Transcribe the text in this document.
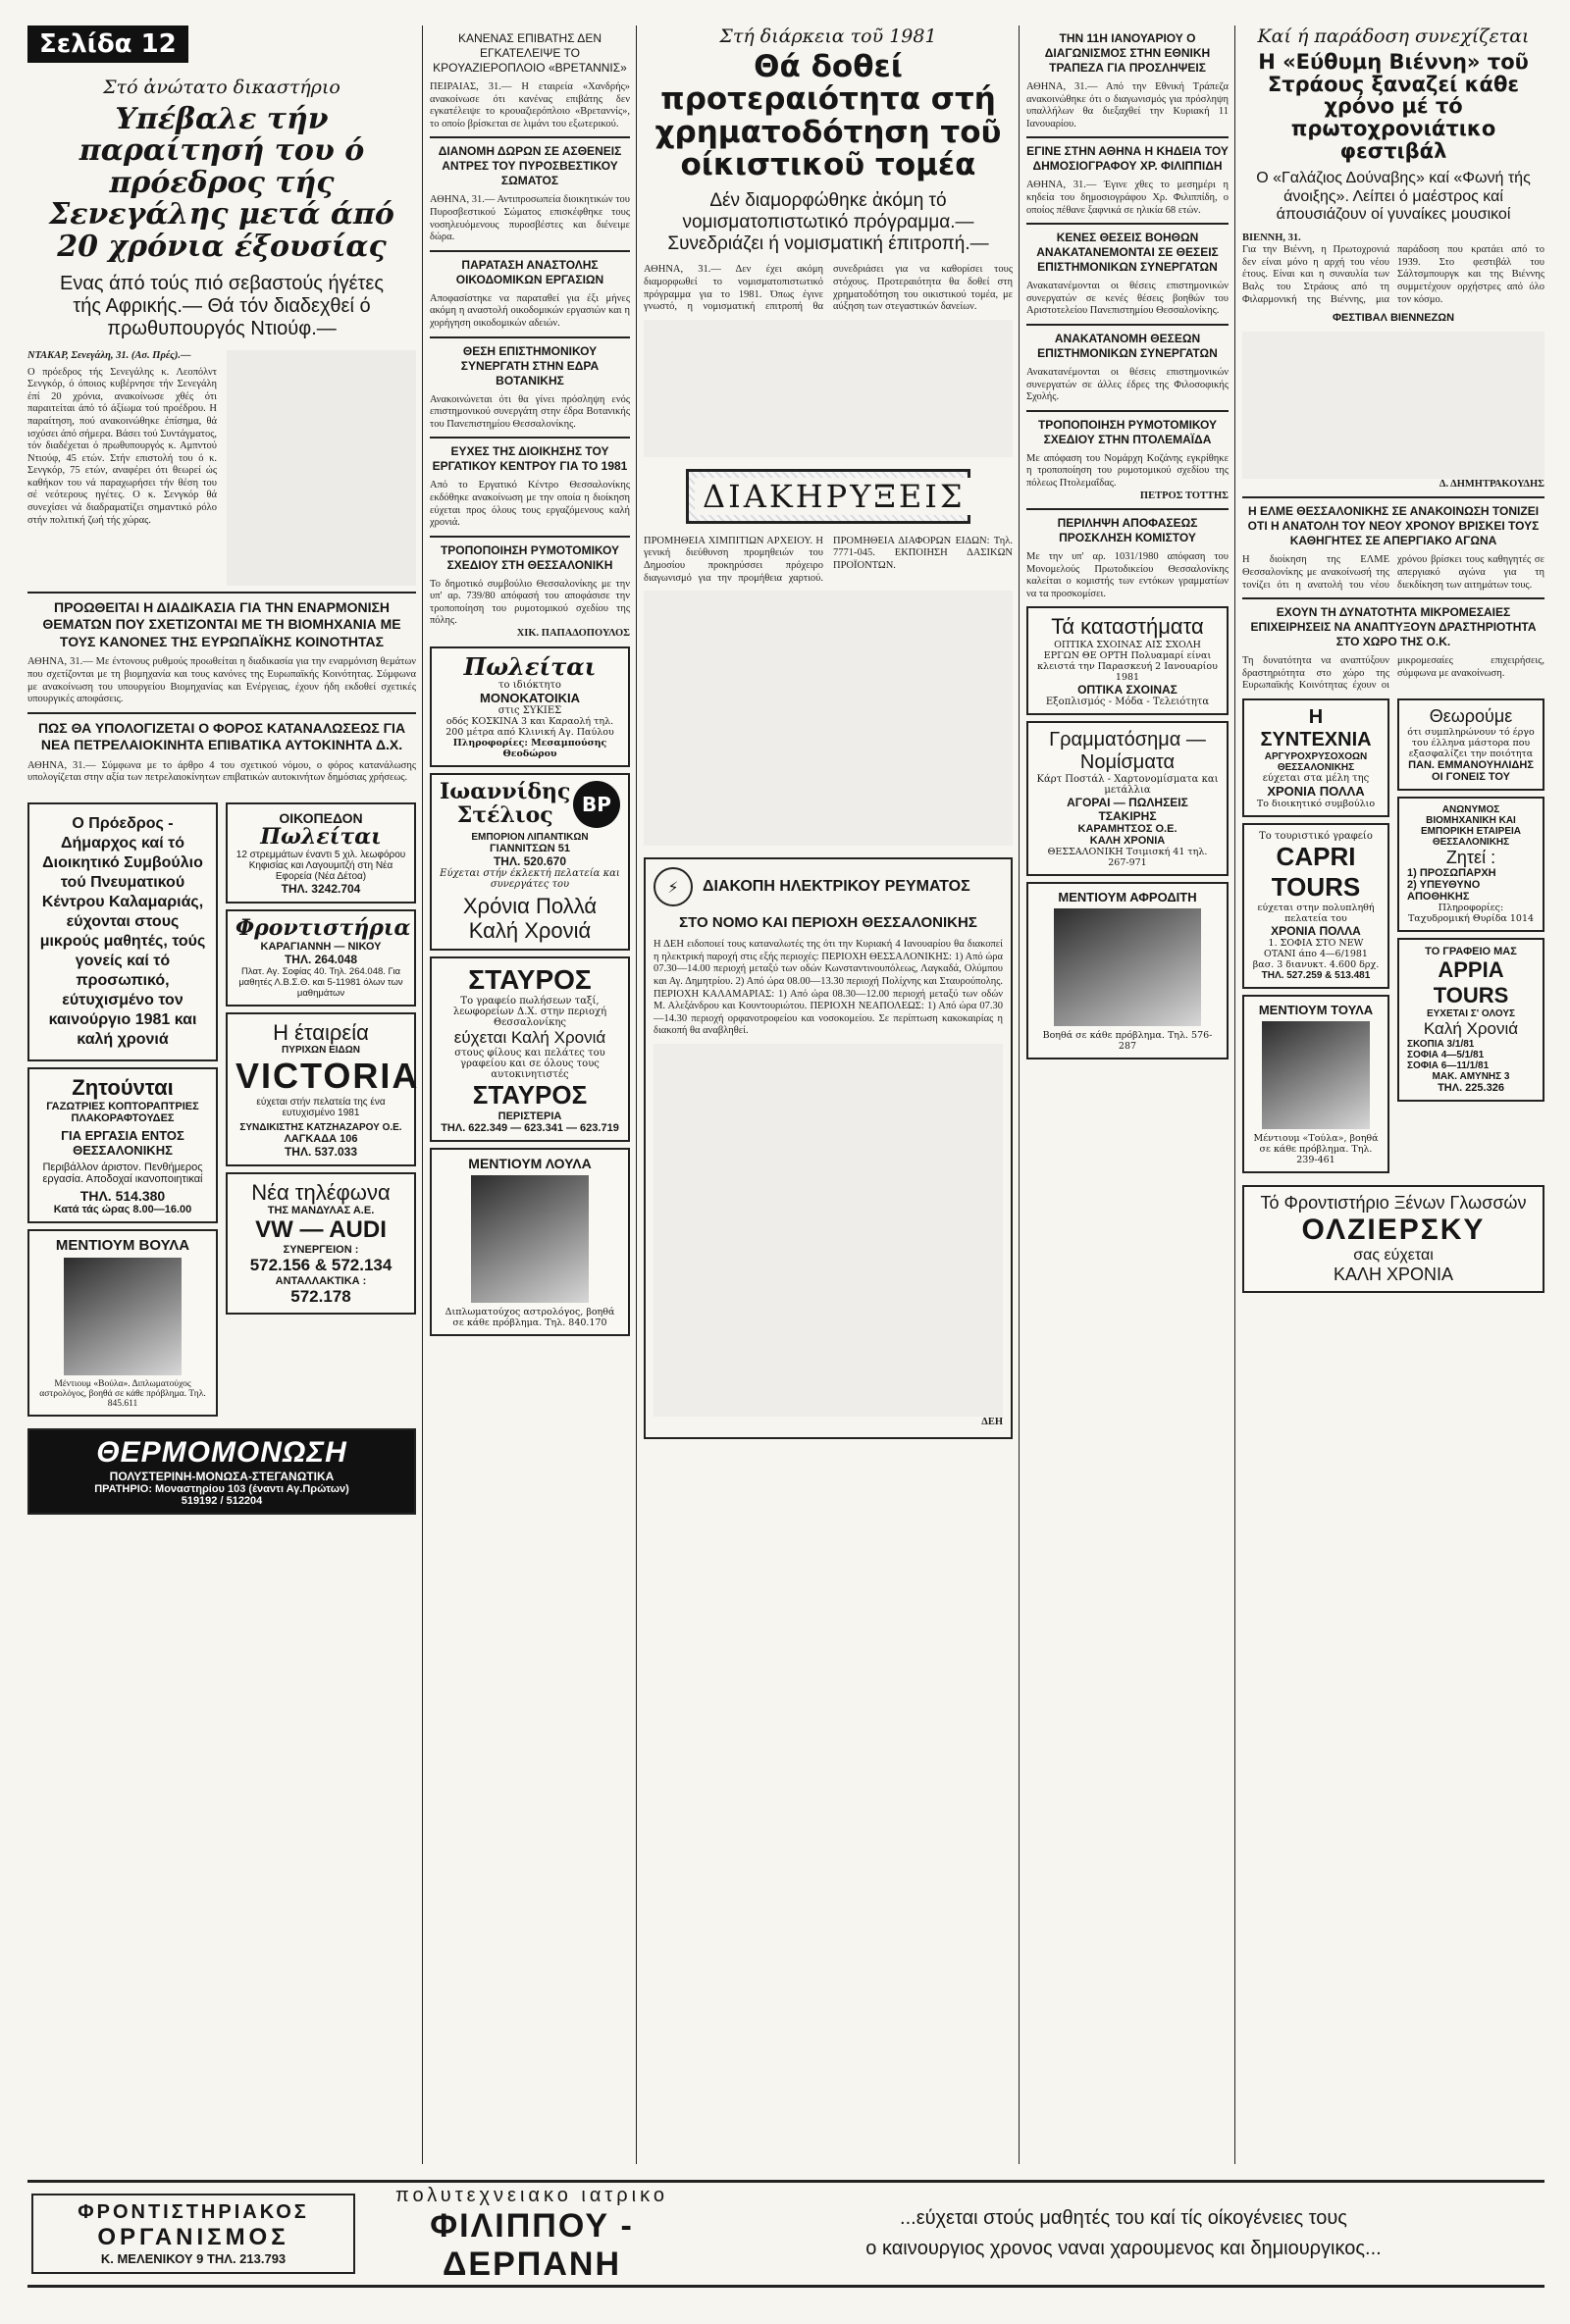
Σελίδα 12
Στό ἀνώτατο δικαστήριο
Υπέβαλε τήν παραίτησή του ό πρόεδρος τής Σενεγάλης μετά άπό 20 χρόνια έξουσίας
Ενας άπό τούς πιό σεβαστούς ήγέτες τής Αφρικής.— Θά τόν διαδεχθεί ό πρωθυπουργός Ντιούφ.—

ΝΤΑΚΑΡ, Σενεγάλη, 31. (Ασ. Πρές).—

Ο πρόεδρος τής Σενεγάλης κ. Λεοπόλντ Σενγκόρ, ό όποιος κυβέρνησε τήν Σενεγάλη έπί 20 χρόνια, ανακοίνωσε χθές ότι παραιτείται άπό τό άξίωμα τού προέδρου. Η παραίτηση, πού ανακοινώθηκε έπίσημα, θά ισχύσει άπό σήμερα. Βάσει τού Συντάγματος, τόν διαδέχεται ό πρωθυπουργός κ. Αμπντού Ντιούφ, 45 ετών. Στήν επιστολή του ό κ. Σενγκόρ, 75 ετών, αναφέρει ότι θεωρεί ώς καθήκον του νά παραχωρήσει τήν θέση του σέ νεότερους ηγέτες. Ο κ. Σενγκόρ θά συνεχίσει νά διαδραματίζει σημαντικό ρόλο στήν πολιτική ζωή τής χώρας.

ΠΡΟΩΘΕΙΤΑΙ Η ΔΙΑΔΙΚΑΣΙΑ ΓΙΑ ΤΗΝ ΕΝΑΡΜΟΝΙΣΗ ΘΕΜΑΤΩΝ ΠΟΥ ΣΧΕΤΙΖΟΝΤΑΙ ΜΕ ΤΗ ΒΙΟΜΗΧΑΝΙΑ ΜΕ ΤΟΥΣ ΚΑΝΟΝΕΣ ΤΗΣ ΕΥΡΩΠΑΪΚΗΣ ΚΟΙΝΟΤΗΤΑΣ

ΑΘΗΝΑ, 31.— Με έντονους ρυθμούς προωθείται η διαδικασία για την εναρμόνιση θεμάτων που σχετίζονται με τη βιομηχανία και τους κανόνες της Ευρωπαϊκής Κοινότητας. Σύμφωνα με ανακοίνωση του υπουργείου Βιομηχανίας και Ενέργειας, έχουν ήδη εκδοθεί σχετικές υπουργικές αποφάσεις.

ΠΩΣ ΘΑ ΥΠΟΛΟΓΙΖΕΤΑΙ Ο ΦΟΡΟΣ ΚΑΤΑΝΑΛΩΣΕΩΣ ΓΙΑ ΝΕΑ ΠΕΤΡΕΛΑΙΟΚΙΝΗΤΑ ΕΠΙΒΑΤΙΚΑ ΑΥΤΟΚΙΝΗΤΑ Δ.Χ.

ΑΘΗΝΑ, 31.— Σύμφωνα με το άρθρο 4 του σχετικού νόμου, ο φόρος κατανάλωσης υπολογίζεται στην αξία των πετρελαιοκίνητων επιβατικών αυτοκινήτων δημόσιας χρήσεως.

Ο Πρόεδρος - Δήμαρχος καί τό Διοικητικό Συμβούλιο τού Πνευματικού Κέντρου Καλαμαριάς, εύχονται στους μικρούς μαθητές, τούς γονείς καί τό προσωπικό, εύτυχισμένο τον καινούργιο 1981 και καλή χρονιά
Ζητούνται
ΓΑΖΩΤΡΙΕΣ ΚΟΠΤΟΡΑΠΤΡΙΕΣ ΠΛΑΚΟΡΑΦΤΟΥΔΕΣ
ΓΙΑ ΕΡΓΑΣΙΑ ΕΝΤΟΣ ΘΕΣΣΑΛΟΝΙΚΗΣ
Περιβάλλον άριστον. Πενθήμερος εργασία. Αποδοχαί ικανοποιητικαί
ΤΗΛ. 514.380
Κατά τάς ώρας 8.00—16.00
ΜΕΝΤΙΟΥΜ ΒΟΥΛΑ
Μέντιουμ «Βούλα». Διπλωματούχος αστρολόγος, βοηθά σε κάθε πρόβλημα. Τηλ. 845.611
ΟΙΚΟΠΕΔΟΝ
Πωλείται
12 στρεμμάτων έναντι 5 χιλ. λεωφόρου Κηφισίας και Λαγουμιτζή στη Νέα Εφορεία (Νέα Δέτοα)
ΤΗΛ. 3242.704
Φροντιστήρια
ΚΑΡΑΓΙΑΝΝΗ — ΝΙΚΟΥ
ΤΗΛ. 264.048
Πλατ. Αγ. Σοφίας 40. Τηλ. 264.048. Για μαθητές Λ.Β.Σ.Θ. και 5-11981 όλων των μαθημάτων
Η έταιρεία
ΠΥΡΙΧΩΝ ΕΙΔΩΝ
VICTORIA
εύχεται στήν πελατεία της ένα ευτυχισμένο 1981
ΣΥΝΔΙΚΙΣΤΗΣ ΚΑΤΖΗΑΖΑΡΟΥ Ο.Ε.
ΛΑΓΚΑΔΑ 106
ΤΗΛ. 537.033
Νέα τηλέφωνα
ΤΗΣ ΜΑΝΔΥΛΑΣ Α.Ε.
VW — AUDI
ΣΥΝΕΡΓΕΙΟΝ :
572.156 & 572.134
ΑΝΤΑΛΛΑΚΤΙΚΑ :
572.178
ΘΕΡΜΟΜΟΝΩΣΗ
ΠΟΛΥΣΤΕΡΙΝΗ-ΜΟΝΩΣΑ-ΣΤΕΓΑΝΩΤΙΚΑ
ΠΡΑΤΗΡΙΟ: Μοναστηρίου 103 (έναντι Αγ.Πρώτων)
519192 / 512204
ΚΑΝΕΝΑΣ ΕΠΙΒΑΤΗΣ ΔΕΝ ΕΓΚΑΤΕΛΕΙΨΕ ΤΟ ΚΡΟΥΑΖΙΕΡΟΠΛΟΙΟ «ΒΡΕΤΑΝΝΙΣ»

ΠΕΙΡΑΙΑΣ, 31.— Η εταιρεία «Χανδρής» ανακοίνωσε ότι κανένας επιβάτης δεν εγκατέλειψε το κρουαζιερόπλοιο «Βρεταννίς», το οποίο βρίσκεται σε λιμάνι του εξωτερικού.

ΔΙΑΝΟΜΗ ΔΩΡΩΝ ΣΕ ΑΣΘΕΝΕΙΣ ΑΝΤΡΕΣ ΤΟΥ ΠΥΡΟΣΒΕΣΤΙΚΟΥ ΣΩΜΑΤΟΣ

ΑΘΗΝΑ, 31.— Αντιπροσωπεία διοικητικών του Πυροσβεστικού Σώματος επισκέφθηκε τους νοσηλευόμενους πυροσβέστες και διένειμε δώρα.

ΠΑΡΑΤΑΣΗ ΑΝΑΣΤΟΛΗΣ ΟΙΚΟΔΟΜΙΚΩΝ ΕΡΓΑΣΙΩΝ

Αποφασίστηκε να παραταθεί για έξι μήνες ακόμη η αναστολή οικοδομικών εργασιών και η χορήγηση οικοδομικών αδειών.

ΘΕΣΗ ΕΠΙΣΤΗΜΟΝΙΚΟΥ ΣΥΝΕΡΓΑΤΗ ΣΤΗΝ ΕΔΡΑ ΒΟΤΑΝΙΚΗΣ

Ανακοινώνεται ότι θα γίνει πρόσληψη ενός επιστημονικού συνεργάτη στην έδρα Βοτανικής του Πανεπιστημίου Θεσσαλονίκης.

ΕΥΧΕΣ ΤΗΣ ΔΙΟΙΚΗΣΗΣ ΤΟΥ ΕΡΓΑΤΙΚΟΥ ΚΕΝΤΡΟΥ ΓΙΑ ΤΟ 1981

Από το Εργατικό Κέντρο Θεσσαλονίκης εκδόθηκε ανακοίνωση με την οποία η διοίκηση εύχεται προς όλους τους εργαζόμενους καλή χρονιά.

ΤΡΟΠΟΠΟΙΗΣΗ ΡΥΜΟΤΟΜΙΚΟΥ ΣΧΕΔΙΟΥ ΣΤΗ ΘΕΣΣΑΛΟΝΙΚΗ

Το δημοτικό συμβούλιο Θεσσαλονίκης με την υπ' αρ. 739/80 απόφασή του αποφάσισε την τροποποίηση του ρυμοτομικού σχεδίου της πόλης.

ΧΙΚ. ΠΑΠΑΔΟΠΟΥΛΟΣ

Πωλείται
το ιδιόκτητο
ΜΟΝΟΚΑΤΟΙΚΙΑ
στις ΣΥΚΙΕΣ
οδός ΚΟΣΚΙΝΑ 3 και Καραολή τηλ. 200 μέτρα από Κλινική Αγ. Παύλου
Πληροφορίες: Μεσαμπούσης Θεοδώρου
Ιωαννίδης
Στέλιος	BP
ΕΜΠΟΡΙΟΝ ΛΙΠΑΝΤΙΚΩΝ
ΓΙΑΝΝΙΤΣΩΝ 51
ΤΗΛ. 520.670
Εύχεται στήν έκλεκτή πελατεία και συνεργάτες του
Χρόνια Πολλά
Καλή Χρονιά
ΣΤΑΥΡΟΣ
Το γραφείο πωλήσεων ταξί, λεωφορείων Δ.Χ. στην περιοχή Θεσσαλονίκης
εύχεται Καλή Χρονιά
στους φίλους και πελάτες του γραφείου και σε όλους τους αυτοκινητιστές
ΣΤΑΥΡΟΣ
ΠΕΡΙΣΤΕΡΙΑ
ΤΗΛ. 622.349 — 623.341 — 623.719
ΜΕΝΤΙΟΥΜ ΛΟΥΛΑ
Διπλωματούχος αστρολόγος, βοηθά σε κάθε πρόβλημα. Τηλ. 840.170
Στή διάρκεια τοῦ 1981
Θά δοθεί προτεραιότητα στή χρηματοδότηση τοῦ οίκιστικοῦ τομέα
Δέν διαμορφώθηκε ἀκόμη τό νομισματοπιστωτικό πρόγραμμα.— Συνεδριάζει ή νομισματική έπιτροπή.—

ΑΘΗΝΑ, 31.— Δεν έχει ακόμη διαμορφωθεί το νομισματοπιστωτικό πρόγραμμα για το 1981. Όπως έγινε γνωστό, η νομισματική επιτροπή θα συνεδριάσει για να καθορίσει τους στόχους. Προτεραιότητα θα δοθεί στη χρηματοδότηση του οικιστικού τομέα, με αύξηση των στεγαστικών δανείων.

ΔΙΑΚΗΡΥΞΕΙΣ

ΠΡΟΜΗΘΕΙΑ ΧΙΜΠΙΤΙΩΝ ΑΡΧΕΙΟΥ. Η γενική διεύθυνση προμηθειών του Δημοσίου προκηρύσσει πρόχειρο διαγωνισμό για την προμήθεια χαρτιού. ΠΡΟΜΗΘΕΙΑ ΔΙΑΦΟΡΩΝ ΕΙΔΩΝ: Τηλ. 7771-045. ΕΚΠΟΙΗΣΗ ΔΑΣΙΚΩΝ ΠΡΟΪΟΝΤΩΝ.

⚡	ΔΙΑΚΟΠΗ ΗΛΕΚΤΡΙΚΟΥ ΡΕΥΜΑΤΟΣ
ΣΤΟ ΝΟΜΟ ΚΑΙ ΠΕΡΙΟΧΗ ΘΕΣΣΑΛΟΝΙΚΗΣ

Η ΔΕΗ ειδοποιεί τους καταναλωτές της ότι την Κυριακή 4 Ιανουαρίου θα διακοπεί η ηλεκτρική παροχή στις εξής περιοχές: ΠΕΡΙΟΧΗ ΘΕΣΣΑΛΟΝΙΚΗΣ: 1) Από ώρα 07.30—14.00 περιοχή μεταξύ των οδών Κωνσταντινουπόλεως, Λαγκαδά, Ολύμπου και Αγ. Δημητρίου. 2) Από ώρα 08.00—13.30 περιοχή Πολίχνης και Σταυρούπολης. ΠΕΡΙΟΧΗ ΚΑΛΑΜΑΡΙΑΣ: 1) Από ώρα 08.30—12.00 περιοχή μεταξύ των οδών Μ. Αλεξάνδρου και Κουντουριώτου. ΠΕΡΙΟΧΗ ΝΕΑΠΟΛΕΩΣ: 1) Από ώρα 07.30—14.30 περιοχή ορφανοτροφείου και νοσοκομείου. Σε περίπτωση κακοκαιρίας η διακοπή θα αναβληθεί.

ΔΕΗ

ΤΗΝ 11Η ΙΑΝΟΥΑΡΙΟΥ Ο ΔΙΑΓΩΝΙΣΜΟΣ ΣΤΗΝ ΕΘΝΙΚΗ ΤΡΑΠΕΖΑ ΓΙΑ ΠΡΟΣΛΗΨΕΙΣ

ΑΘΗΝΑ, 31.— Από την Εθνική Τράπεζα ανακοινώθηκε ότι ο διαγωνισμός για πρόσληψη υπαλλήλων θα διεξαχθεί την Κυριακή 11 Ιανουαρίου.

ΕΓΙΝΕ ΣΤΗΝ ΑΘΗΝΑ Η ΚΗΔΕΙΑ ΤΟΥ ΔΗΜΟΣΙΟΓΡΑΦΟΥ ΧΡ. ΦΙΛΙΠΠΙΔΗ

ΑΘΗΝΑ, 31.— Έγινε χθες το μεσημέρι η κηδεία του δημοσιογράφου Χρ. Φιλιππίδη, ο οποίος πέθανε ξαφνικά σε ηλικία 68 ετών.

ΚΕΝΕΣ ΘΕΣΕΙΣ ΒΟΗΘΩΝ ΑΝΑΚΑΤΑΝΕΜΟΝΤΑΙ ΣΕ ΘΕΣΕΙΣ ΕΠΙΣΤΗΜΟΝΙΚΩΝ ΣΥΝΕΡΓΑΤΩΝ

Ανακατανέμονται οι θέσεις επιστημονικών συνεργατών σε κενές θέσεις βοηθών του Αριστοτελείου Πανεπιστημίου Θεσσαλονίκης.

ΑΝΑΚΑΤΑΝΟΜΗ ΘΕΣΕΩΝ ΕΠΙΣΤΗΜΟΝΙΚΩΝ ΣΥΝΕΡΓΑΤΩΝ

Ανακατανέμονται οι θέσεις επιστημονικών συνεργατών σε άλλες έδρες της Φιλοσοφικής Σχολής.

ΤΡΟΠΟΠΟΙΗΣΗ ΡΥΜΟΤΟΜΙΚΟΥ ΣΧΕΔΙΟΥ ΣΤΗΝ ΠΤΟΛΕΜΑΪΔΑ

Με απόφαση του Νομάρχη Κοζάνης εγκρίθηκε η τροποποίηση του ρυμοτομικού σχεδίου της πόλεως Πτολεμαΐδας.

ΠΕΤΡΟΣ ΤΟΤΤΗΣ

ΠΕΡΙΛΗΨΗ ΑΠΟΦΑΣΕΩΣ ΠΡΟΣΚΛΗΣΗ ΚΟΜΙΣΤΟΥ

Με την υπ' αρ. 1031/1980 απόφαση του Μονομελούς Πρωτοδικείου Θεσσαλονίκης καλείται ο κομιστής των εντόκων γραμματίων να τα προσκομίσει.

Τά καταστήματα
ΟΠΤΙΚΑ ΣΧΟΙΝΑΣ ΑΙΣ ΣΧΟΛΗ ΕΡΓΩΝ ΘΕ ΟΡΤΗ Πολυαμαρί είναι κλειστά την Παρασκευή 2 Ιανουαρίου 1981
ΟΠΤΙΚΑ ΣΧΟΙΝΑΣ
Εξοπλισμός - Μόδα - Τελειότητα
Γραμματόσημα —
Νομίσματα
Κάρτ Ποστάλ - Χαρτονομίσματα και μετάλλια
ΑΓΟΡΑΙ — ΠΩΛΗΣΕΙΣ
ΤΣΑΚΙΡΗΣ
ΚΑΡΑΜΗΤΣΟΣ Ο.Ε.
ΚΑΛΗ ΧΡΟΝΙΑ
ΘΕΣΣΑΛΟΝΙΚΗ Τσιμισκή 41 τηλ. 267-971
ΜΕΝΤΙΟΥΜ ΑΦΡΟΔΙΤΗ
Βοηθά σε κάθε πρόβλημα. Τηλ. 576-287
Καί ή παράδοση συνεχίζεται
Η «Εύθυμη Βιέννη» τοῦ Στράους ξαναζεί κάθε χρόνο μέ τό πρωτοχρονιάτικο φεστιβάλ
Ο «Γαλάζιος Δούναβης» καί «Φωνή τής άνοιξης». Λείπει ό μαέστρος καί άπουσιάζουν οί γυναίκες μουσικοί

ΒΙΕΝΝΗ, 31.

Για την Βιέννη, η Πρωτοχρονιά δεν είναι μόνο η αρχή του νέου έτους. Είναι και η συναυλία των Βαλς του Στράους από τη Φιλαρμονική της Βιέννης, μια παράδοση που κρατάει από το 1939. Στο φεστιβάλ του Σάλτσμπουργκ και της Βιέννης συμμετέχουν ορχήστρες από όλο τον κόσμο.

ΦΕΣΤΙΒΑΛ ΒΙΕΝΝΕΖΩΝ

Δ. ΔΗΜΗΤΡΑΚΟΥΔΗΣ

Η ΕΛΜΕ ΘΕΣΣΑΛΟΝΙΚΗΣ ΣΕ ΑΝΑΚΟΙΝΩΣΗ ΤΟΝΙΖΕΙ ΟΤΙ Η ΑΝΑΤΟΛΗ ΤΟΥ ΝΕΟΥ ΧΡΟΝΟΥ ΒΡΙΣΚΕΙ ΤΟΥΣ ΚΑΘΗΓΗΤΕΣ ΣΕ ΑΠΕΡΓΙΑΚΟ ΑΓΩΝΑ

Η διοίκηση της ΕΛΜΕ Θεσσαλονίκης με ανακοίνωσή της τονίζει ότι η ανατολή του νέου χρόνου βρίσκει τους καθηγητές σε απεργιακό αγώνα για τη διεκδίκηση των αιτημάτων τους.

ΕΧΟΥΝ ΤΗ ΔΥΝΑΤΟΤΗΤΑ ΜΙΚΡΟΜΕΣΑΙΕΣ ΕΠΙΧΕΙΡΗΣΕΙΣ ΝΑ ΑΝΑΠΤΥΞΟΥΝ ΔΡΑΣΤΗΡΙΟΤΗΤΑ ΣΤΟ ΧΩΡΟ ΤΗΣ Ο.Κ.

Τη δυνατότητα να αναπτύξουν δραστηριότητα στο χώρο της Ευρωπαϊκής Κοινότητας έχουν οι μικρομεσαίες επιχειρήσεις, σύμφωνα με ανακοίνωση.

Η ΣΥΝΤΕΧΝΙΑ
ΑΡΓΥΡΟΧΡΥΣΟΧΟΩΝ ΘΕΣΣΑΛΟΝΙΚΗΣ
εύχεται στα μέλη της
ΧΡΟΝΙΑ ΠΟΛΛΑ
Το διοικητικό συμβούλιο
Το τουριστικό γραφείο
CAPRI TOURS
εύχεται στην πολυπληθή πελατεία του
ΧΡΟΝΙΑ ΠΟΛΛΑ
1. ΣΟΦΙΑ ΣΤΟ NEW OTANI άπο 4—6/1981 βασ. 3 διανυκτ. 4.600 δρχ.
ΤΗΛ. 527.259 & 513.481
ΜΕΝΤΙΟΥΜ ΤΟΥΛΑ
Μέντιουμ «Τούλα», βοηθά σε κάθε πρόβλημα. Τηλ. 239-461
Θεωρούμε
ότι συμπληρώνουν τό έργο του έλληνα μάστορα που εξασφαλίζει την ποιότητα
ΠΑΝ. ΕΜΜΑΝΟΥΗΛΙΔΗΣ
ΟΙ ΓΟΝΕΙΣ ΤΟΥ
ΑΝΩΝΥΜΟΣ ΒΙΟΜΗΧΑΝΙΚΗ ΚΑΙ ΕΜΠΟΡΙΚΗ ΕΤΑΙΡΕΙΑ ΘΕΣΣΑΛΟΝΙΚΗΣ
Ζητεί :
1) ΠΡΟΣΩΠΑΡΧΗ
2) ΥΠΕΥΘΥΝΟ ΑΠΟΘΗΚΗΣ
Πληροφορίες: Ταχυδρομική Θυρίδα 1014
ΤΟ ΓΡΑΦΕΙΟ ΜΑΣ
APPIA TOURS
ΕΥΧΕΤΑΙ Σ' ΟΛΟΥΣ
Καλή Χρονιά
ΣΚΟΠΙΑ 3/1/81
ΣΟΦΙΑ 4—5/1/81
ΣΟΦΙΑ 6—11/1/81
ΜΑΚ. ΑΜΥΝΗΣ 3
ΤΗΛ. 225.326
Τό Φροντιστήριο Ξένων Γλωσσών
ΟΛΖΙΕΡΣΚΥ
σας εύχεται
ΚΑΛΗ ΧΡΟΝΙΑ
ΦΡΟΝΤΙΣΤΗΡΙΑΚΟΣ
ΟΡΓΑΝΙΣΜΟΣ
Κ. ΜΕΛΕΝΙΚΟΥ 9 ΤΗΛ. 213.793
πολυτεχνειακο ιατρικο
ΦΙΛΙΠΠΟΥ - ΔΕΡΠΑΝΗ
...εύχεται στούς μαθητές του καί τίς οίκογένειες τους
ο καινουργιος χρονος ναναι χαρουμενος και δημιουργικος...
